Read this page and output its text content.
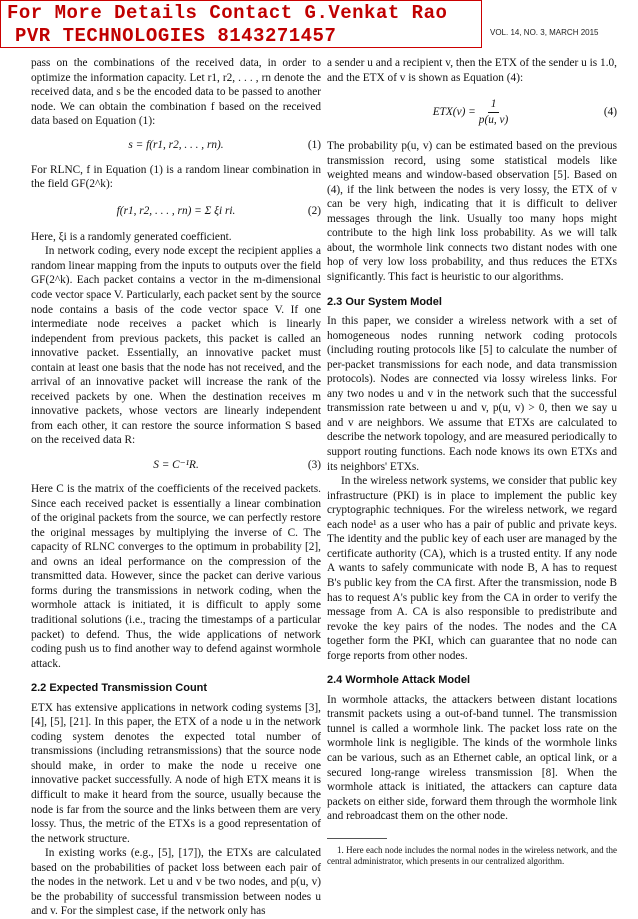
For More Details Contact G.Venkat Rao
PVR TECHNOLOGIES 8143271457	VOL. 14, NO. 3, MARCH 2015

pass on the combinations of the received data, in order to optimize the information capacity. Let r1, r2, . . . , rn denote the received data, and s be the encoded data to be passed to another node. We can obtain the combination f based on the received data based on Equation (1):

s = f(r1, r2, . . . , rn).	(1)

For RLNC, f in Equation (1) is a random linear combination in the field GF(2^k):

f(r1, r2, . . . , rn) = Σ ξi ri.	(2)

Here, ξi is a randomly generated coefficient.

In network coding, every node except the recipient applies a random linear mapping from the inputs to outputs over the field GF(2^k). Each packet contains a vector in the m-dimensional code vector space V. Particularly, each packet sent by the source node contains a basis of the code vector space V. If one intermediate node receives a packet which is linearly independent from previous packets, this packet is called an innovative packet. Essentially, an innovative packet must contain at least one basis that the node has not received, and the arrival of an innovative packet will increase the rank of the received packets by one. When the destination receives m innovative packets, whose vectors are linearly independent from each other, it can restore the source information S based on the received data R:

S = C⁻¹R.	(3)

Here C is the matrix of the coefficients of the received packets. Since each received packet is essentially a linear combination of the original packets from the source, we can perfectly restore the original messages by multiplying the inverse of C. The capacity of RLNC converges to the optimum in probability [2], and owns an ideal performance on the compression of the transmitted data. However, since the packet can derive various forms during the transmissions in network coding, when the wormhole attack is initiated, it is difficult to apply some traditional solutions (i.e., tracing the timestamps of a particular packet) to defend. Thus, the wide applications of network coding push us to find another way to defend against wormhole attack.

2.2 Expected Transmission Count

ETX has extensive applications in network coding systems [3], [4], [5], [21]. In this paper, the ETX of a node u in the network coding system denotes the expected total number of transmissions (including retransmissions) that the source node should make, in order to make the node u receive one innovative packet successfully. A node of high ETX means it is difficult to make it heard from the source, usually because the node is far from the source and the links between them are very lossy. Thus, the metric of the ETXs is a good representation of the network structure.

In existing works (e.g., [5], [17]), the ETXs are calculated based on the probabilities of packet loss between each pair of the nodes in the network. Let u and v be two nodes, and p(u, v) be the probability of successful transmission between nodes u and v. For the simplest case, if the network only has

a sender u and a recipient v, then the ETX of the sender u is 1.0, and the ETX of v is shown as Equation (4):

$ETX(v) = \frac{1}{p(u, v)}$	(4)

The probability p(u, v) can be estimated based on the previous transmission record, using some statistical models like weighted means and window-based observation [5]. Based on (4), if the link between the nodes is very lossy, the ETX of v can be very high, indicating that it is difficult to deliver messages through the link. Usually too many hops might contribute to the high link loss probability. As we will talk about, the wormhole link connects two distant nodes with one hop of very low loss probability, and thus reduces the ETXs significantly. This fact is heuristic to our algorithms.

2.3 Our System Model

In this paper, we consider a wireless network with a set of homogeneous nodes running network coding protocols (including routing protocols like [5] to calculate the number of per-packet transmissions for each node, and data transmission protocols). Nodes are connected via lossy wireless links. For any two nodes u and v in the network such that the successful transmission rate between u and v, p(u, v) > 0, then we say u and v are neighbors. We assume that ETXs are calculated to describe the network topology, and are measured periodically to support routing functions. Each node knows its own ETXs and its neighbors' ETXs.

In the wireless network systems, we consider that public key infrastructure (PKI) is in place to implement the public key cryptographic techniques. For the wireless network, we regard each node¹ as a user who has a pair of public and private keys. The identity and the public key of each user are managed by the certificate authority (CA), which is a trusted entity. If any node A wants to safely communicate with node B, A has to request B's public key from the CA first. After the transmission, node B has to request A's public key from the CA in order to verify the message from A. CA is also responsible to predistribute and revoke the key pairs of the nodes. The nodes and the CA together form the PKI, which can guarantee that no node can forge reports from other nodes.

2.4 Wormhole Attack Model

In wormhole attacks, the attackers between distant locations transmit packets using a out-of-band tunnel. The transmission tunnel is called a wormhole link. The packet loss rate on the wormhole link is negligible. The kinds of the wormhole links can be various, such as an Ethernet cable, an optical link, or a secured long-range wireless transmission [8]. When the wormhole attack is initiated, the attackers can capture data packets on either side, forward them through the wormhole link and rebroadcast them on the other node.

1. Here each node includes the normal nodes in the wireless network, and the central administrator, which presents in our centralized algorithm.
